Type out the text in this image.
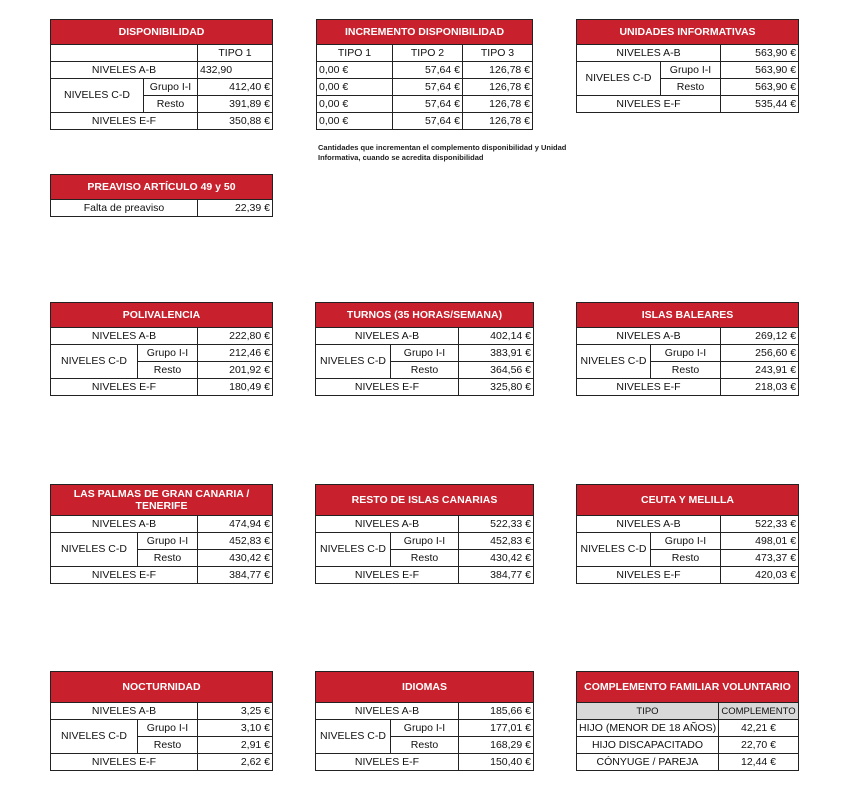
DISPONIBILIDAD		
		TIPO 1
NIVELES A-B		432,90
NIVELES C-D	Grupo I-I	412,40 €
	Resto	391,89 €
NIVELES E-F		350,88 €
INCREMENTO DISPONIBILIDAD		
TIPO 1	TIPO 2	TIPO 3
0,00 €	57,64 €	126,78 €
0,00 €	57,64 €	126,78 €
0,00 €	57,64 €	126,78 €
0,00 €	57,64 €	126,78 €
Cantidades que incrementan el complemento disponibilidad y Unidad Informativa, cuando se acredita disponibilidad
UNIDADES INFORMATIVAS		
NIVELES A-B		563,90 €
NIVELES C-D	Grupo I-I	563,90 €
	Resto	563,90 €
NIVELES E-F		535,44 €
PREAVISO ARTÍCULO 49 y 50
Falta de preaviso	22,39 €
POLIVALENCIA		
NIVELES A-B		222,80 €
NIVELES C-D	Grupo I-I	212,46 €
	Resto	201,92 €
NIVELES E-F		180,49 €
TURNOS (35 HORAS/SEMANA)		
NIVELES A-B		402,14 €
NIVELES C-D	Grupo I-I	383,91 €
	Resto	364,56 €
NIVELES E-F		325,80 €
ISLAS BALEARES		
NIVELES A-B		269,12 €
NIVELES C-D	Grupo I-I	256,60 €
	Resto	243,91 €
NIVELES E-F		218,03 €
LAS PALMAS DE GRAN CANARIA / TENERIFE		
NIVELES A-B		474,94 €
NIVELES C-D	Grupo I-I	452,83 €
	Resto	430,42 €
NIVELES E-F		384,77 €
RESTO DE ISLAS CANARIAS		
NIVELES A-B		522,33 €
NIVELES C-D	Grupo I-I	452,83 €
	Resto	430,42 €
NIVELES E-F		384,77 €
CEUTA Y MELILLA		
NIVELES A-B		522,33 €
NIVELES C-D	Grupo I-I	498,01 €
	Resto	473,37 €
NIVELES E-F		420,03 €
NOCTURNIDAD		
NIVELES A-B		3,25 €
NIVELES C-D	Grupo I-I	3,10 €
	Resto	2,91 €
NIVELES E-F		2,62 €
IDIOMAS		
NIVELES A-B		185,66 €
NIVELES C-D	Grupo I-I	177,01 €
	Resto	168,29 €
NIVELES E-F		150,40 €
COMPLEMENTO FAMILIAR VOLUNTARIO	
TIPO	COMPLEMENTO
HIJO (MENOR DE 18 AÑOS)	42,21 €
HIJO DISCAPACITADO	22,70 €
CÓNYUGE / PAREJA	12,44 €
